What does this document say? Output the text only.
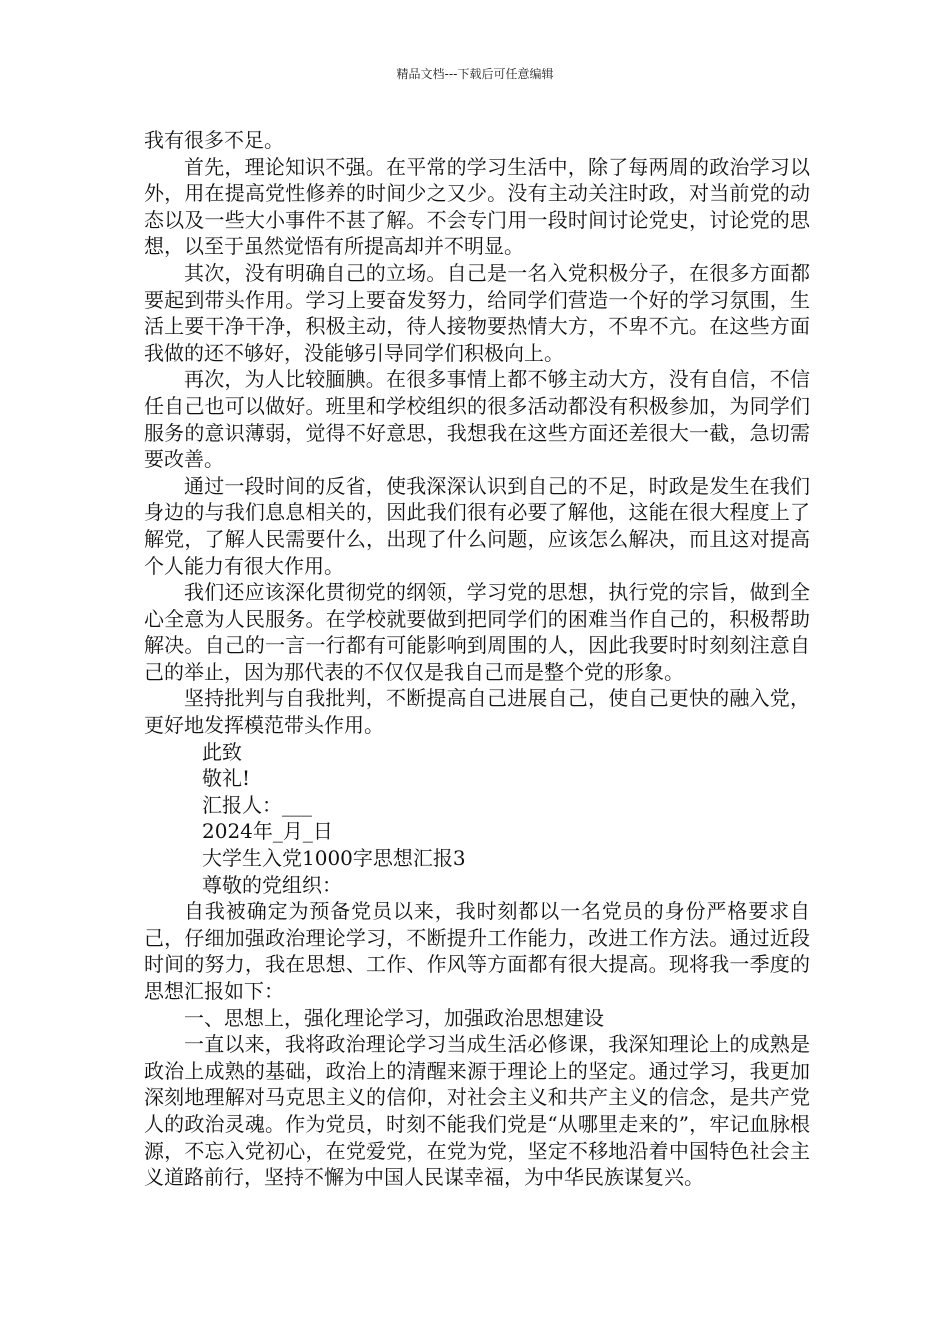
精品文档---下载后可任意编辑

我有很多不足。

首先，理论知识不强。在平常的学习生活中，除了每两周的政治学习以外，用在提高党性修养的时间少之又少。没有主动关注时政，对当前党的动态以及一些大小事件不甚了解。不会专门用一段时间讨论党史，讨论党的思想，以至于虽然觉悟有所提高却并不明显。

其次，没有明确自己的立场。自己是一名入党积极分子，在很多方面都要起到带头作用。学习上要奋发努力，给同学们营造一个好的学习氛围，生活上要干净干净，积极主动，待人接物要热情大方，不卑不亢。在这些方面我做的还不够好，没能够引导同学们积极向上。

再次，为人比较腼腆。在很多事情上都不够主动大方，没有自信，不信任自己也可以做好。班里和学校组织的很多活动都没有积极参加，为同学们服务的意识薄弱，觉得不好意思，我想我在这些方面还差很大一截，急切需要改善。

通过一段时间的反省，使我深深认识到自己的不足，时政是发生在我们身边的与我们息息相关的，因此我们很有必要了解他，这能在很大程度上了解党，了解人民需要什么，出现了什么问题，应该怎么解决，而且这对提高个人能力有很大作用。

我们还应该深化贯彻党的纲领，学习党的思想，执行党的宗旨，做到全心全意为人民服务。在学校就要做到把同学们的困难当作自己的，积极帮助解决。自己的一言一行都有可能影响到周围的人，因此我要时时刻刻注意自己的举止，因为那代表的不仅仅是我自己而是整个党的形象。

坚持批判与自我批判，不断提高自己进展自己，使自己更快的融入党，更好地发挥模范带头作用。

此致

敬礼!

汇报人：___

2024年_月_日

大学生入党1000字思想汇报3

尊敬的党组织：

自我被确定为预备党员以来，我时刻都以一名党员的身份严格要求自己，仔细加强政治理论学习，不断提升工作能力，改进工作方法。通过近段时间的努力，我在思想、工作、作风等方面都有很大提高。现将我一季度的思想汇报如下：

一、思想上，强化理论学习，加强政治思想建设

一直以来，我将政治理论学习当成生活必修课，我深知理论上的成熟是政治上成熟的基础，政治上的清醒来源于理论上的坚定。通过学习，我更加深刻地理解对马克思主义的信仰，对社会主义和共产主义的信念，是共产党人的政治灵魂。作为党员，时刻不能我们党是“从哪里走来的”，牢记血脉根源，不忘入党初心，在党爱党，在党为党，坚定不移地沿着中国特色社会主义道路前行，坚持不懈为中国人民谋幸福，为中华民族谋复兴。
